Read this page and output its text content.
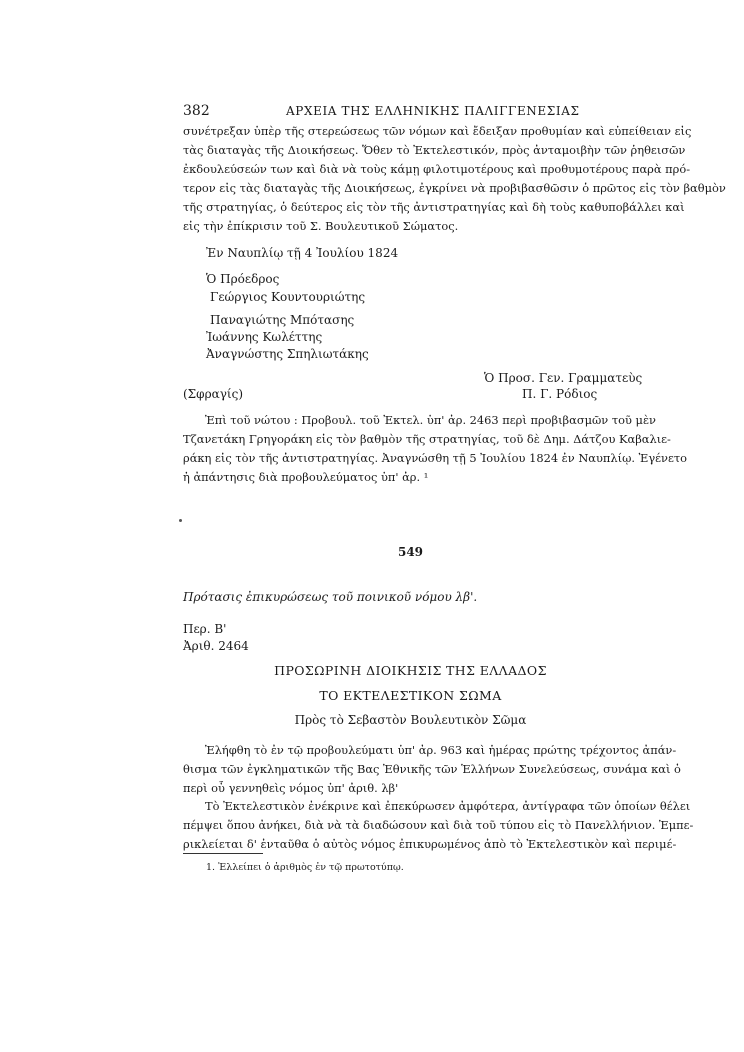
382	ΑΡΧΕΙΑ ΤΗΣ ΕΛΛΗΝΙΚΗΣ ΠΑΛΙΓΓΕΝΕΣΙΑΣ
συνέτρεξαν ὑπὲρ τῆς στερεώσεως τῶν νόμων καὶ ἔδειξαν προθυμίαν καὶ εὐπείθειαν εἰς
τὰς διαταγὰς τῆς Διοικήσεως. Ὅθεν τὸ Ἐκτελεστικόν, πρὸς ἀνταμοιβὴν τῶν ῥηθεισῶν
ἐκδουλεύσεών των καὶ διὰ νὰ τοὺς κάμῃ φιλοτιμοτέρους καὶ προθυμοτέρους παρὰ πρό-
τερον εἰς τὰς διαταγὰς τῆς Διοικήσεως, ἐγκρίνει νὰ προβιβασθῶσιν ὁ πρῶτος εἰς τὸν βαθμὸν
τῆς στρατηγίας, ὁ δεύτερος εἰς τὸν τῆς ἀντιστρατηγίας καὶ δὴ τοὺς καθυποβάλλει καὶ
εἰς τὴν ἐπίκρισιν τοῦ Σ. Βουλευτικοῦ Σώματος.
Ἐν Ναυπλίῳ τῇ 4 Ἰουλίου 1824
Ὁ Πρόεδρος
Γεώργιος Κουντουριώτης
Παναγιώτης Μπότασης
Ἰωάννης Κωλέττης
Ἀναγνώστης Σπηλιωτάκης
Ὁ Προσ. Γεν. Γραμματεὺς
(Σφραγίς)	Π. Γ. Ρόδιος
Ἐπὶ τοῦ νώτου : Προβουλ. τοῦ Ἐκτελ. ὑπ' ἀρ. 2463 περὶ προβιβασμῶν τοῦ μὲν
Τζανετάκη Γρηγοράκη εἰς τὸν βαθμὸν τῆς στρατηγίας, τοῦ δὲ Δημ. Δάτζου Καβαλιε-
ράκη εἰς τὸν τῆς ἀντιστρατηγίας. Ἀναγνώσθη τῇ 5 Ἰουλίου 1824 ἐν Ναυπλίῳ. Ἐγένετο
ἡ ἀπάντησις διὰ προβουλεύματος ὑπ' ἀρ. ¹
549
Πρότασις ἐπικυρώσεως τοῦ ποινικοῦ νόμου λβ'.
Περ. Β'
Ἀριθ. 2464
ΠΡΟΣΩΡΙΝΗ ΔΙΟΙΚΗΣΙΣ ΤΗΣ ΕΛΛΑΔΟΣ
ΤΟ ΕΚΤΕΛΕΣΤΙΚΟΝ ΣΩΜΑ
Πρὸς τὸ Σεβαστὸν Βουλευτικὸν Σῶμα
Ἐλήφθη τὸ ἐν τῷ προβουλεύματι ὑπ' ἀρ. 963 καὶ ἡμέρας πρώτης τρέχοντος ἀπάν-
θισμα τῶν ἐγκληματικῶν τῆς Βας Ἐθνικῆς τῶν Ἑλλήνων Συνελεύσεως, συνάμα καὶ ὁ
περὶ οὗ γεννηθεὶς νόμος ὑπ' ἀριθ. λβ'
Τὸ Ἐκτελεστικὸν ἐνέκρινε καὶ ἐπεκύρωσεν ἀμφότερα, ἀντίγραφα τῶν ὁποίων θέλει
πέμψει ὅπου ἀνήκει, διὰ νὰ τὰ διαδώσουν καὶ διὰ τοῦ τύπου εἰς τὸ Πανελλήνιον. Ἐμπε-
ρικλείεται δ' ἐνταῦθα ὁ αὐτὸς νόμος ἐπικυρωμένος ἀπὸ τὸ Ἐκτελεστικὸν καὶ περιμέ-
1. Ἐλλείπει ὁ ἀριθμὸς ἐν τῷ πρωτοτύπῳ.
